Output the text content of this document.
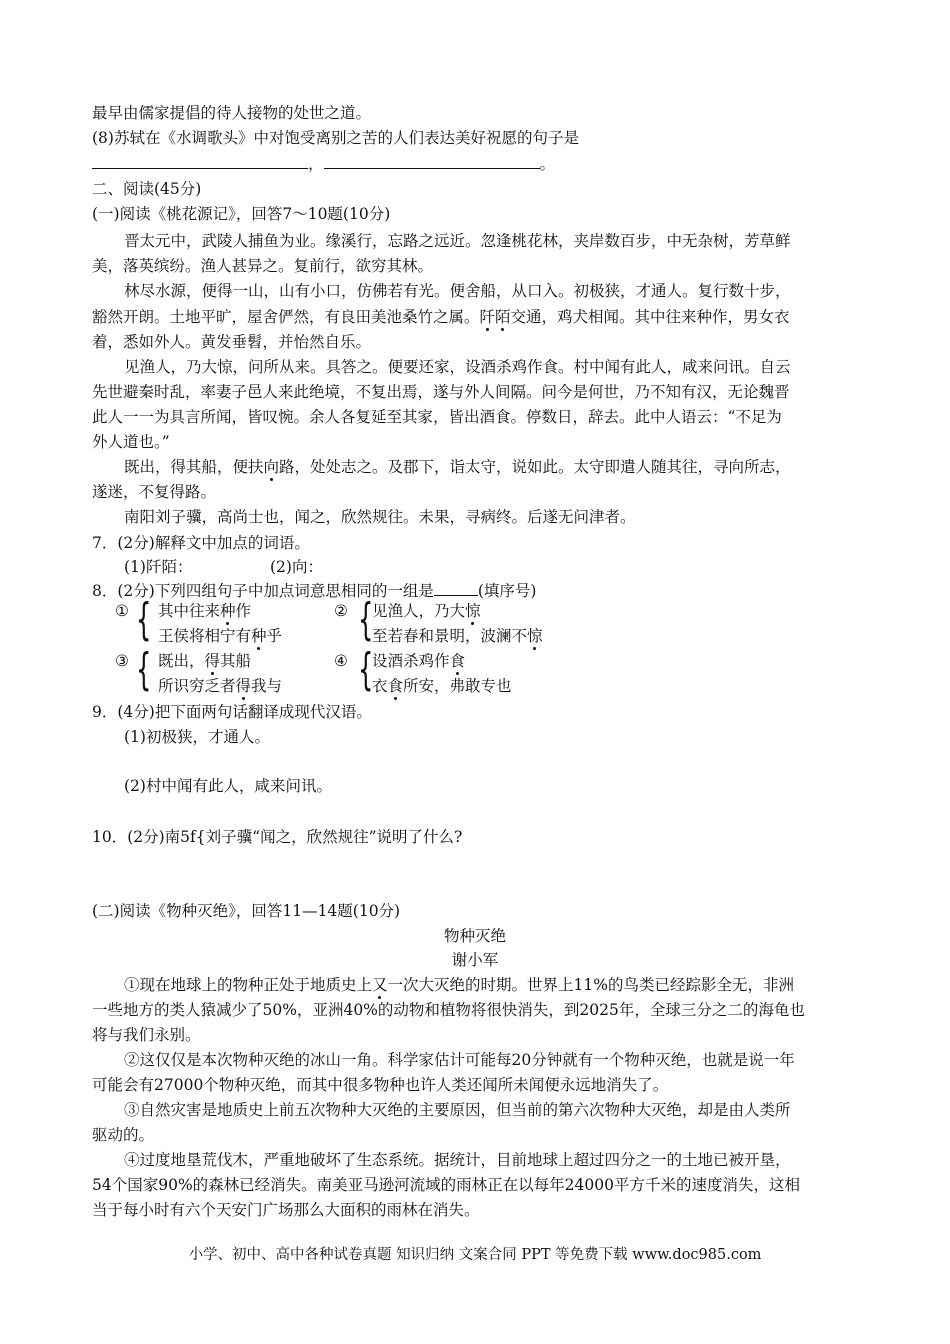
最早由儒家提倡的待人接物的处世之道。
(8)苏轼在《水调歌头》中对饱受离别之苦的人们表达美好祝愿的句子是
，	。
二、阅读(45分)
(一)阅读《桃花源记》，回答7～10题(10分)
晋太元中，武陵人捕鱼为业。缘溪行，忘路之远近。忽逢桃花林，夹岸数百步，中无杂树，芳草鲜
美，落英缤纷。渔人甚异之。复前行，欲穷其林。
林尽水源，便得一山，山有小口，仿佛若有光。便舍船，从口入。初极狭，才通人。复行数十步，
豁然开朗。土地平旷，屋舍俨然，有良田美池桑竹之属。阡陌交通，鸡犬相闻。其中往来种作，男女衣
着，悉如外人。黄发垂髫，并怡然自乐。
见渔人，乃大惊，问所从来。具答之。便要还家，设酒杀鸡作食。村中闻有此人，咸来问讯。自云
先世避秦时乱，率妻子邑人来此绝境，不复出焉，遂与外人间隔。问今是何世，乃不知有汉，无论魏晋
此人一一为具言所闻，皆叹惋。余人各复延至其家，皆出酒食。停数日，辞去。此中人语云：“不足为
外人道也。”
既出，得其船，便扶向路，处处志之。及郡下，诣太守，说如此。太守即遣人随其往，寻向所志，
遂迷，不复得路。
南阳刘子骥，高尚士也，闻之，欣然规往。未果，寻病终。后遂无问津者。
7．(2分)解释文中加点的词语。
(1)阡陌：	(2)向：
8．(2分)下列四组句子中加点词意思相同的一组是	(填序号)
① { 其中往来种作
王侯将相宁有种乎
② {
见渔人，乃大惊
至若春和景明，波澜不惊
③ { 既出，得其船
所识穷乏者得我与
④ {
设酒杀鸡作食
衣食所安，弗敢专也
9．(4分)把下面两句话翻译成现代汉语。
(1)初极狭，才通人。
(2)村中闻有此人，咸来问讯。
10．(2分)南5f{刘子骥“闻之，欣然规往”说明了什么?
(二)阅读《物种灭绝》，回答11—14题(10分)
物种灭绝
谢小军
①现在地球上的物种正处于地质史上又一次大灭绝的时期。世界上11%的鸟类已经踪影全无，非洲
一些地方的类人猿减少了50%，亚洲40%的动物和植物将很快消失，到2025年，全球三分之二的海龟也
将与我们永别。
②这仅仅是本次物种灭绝的冰山一角。科学家估计可能每20分钟就有一个物种灭绝，也就是说一年
可能会有27000个物种灭绝，而其中很多物种也许人类还闻所未闻便永远地消失了。
③自然灾害是地质史上前五次物种大灭绝的主要原因，但当前的第六次物种大灭绝，却是由人类所
驱动的。
④过度地垦荒伐木，严重地破坏了生态系统。据统计，目前地球上超过四分之一的土地已被开垦，
54个国家90%的森林已经消失。南美亚马逊河流域的雨林正在以每年24000平方千米的速度消失，这相
当于每小时有六个天安门广场那么大面积的雨林在消失。
小学、初中、高中各种试卷真题 知识归纳 文案合同 PPT 等免费下载 www.doc985.com
